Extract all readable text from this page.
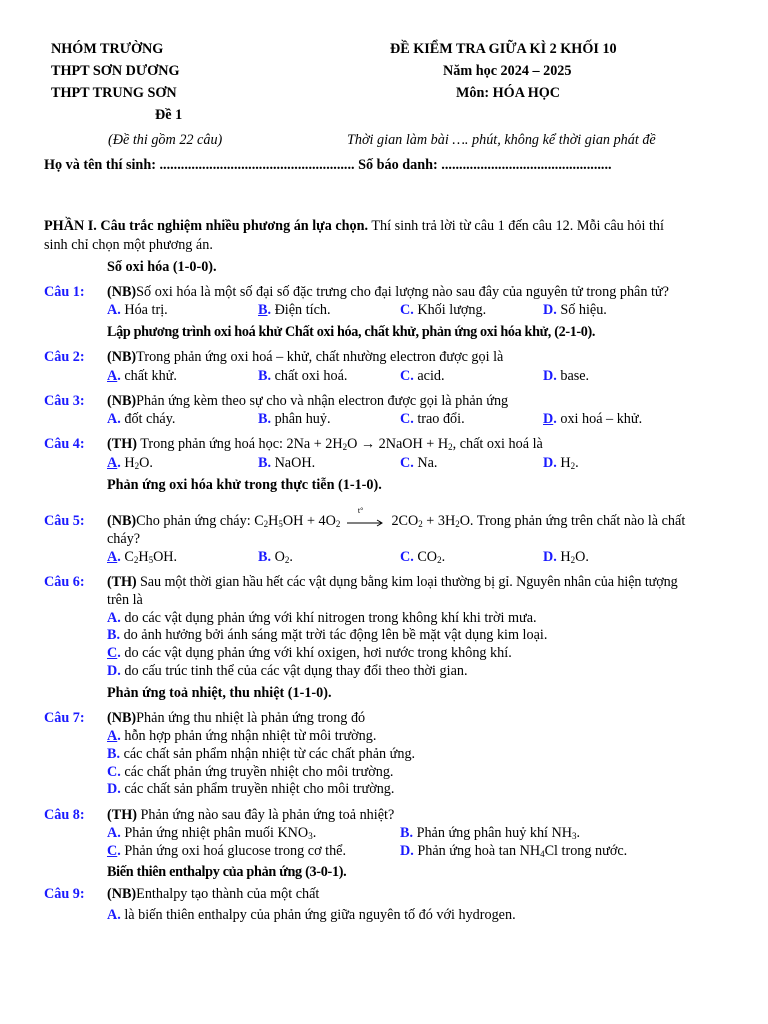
NHÓM TRƯỜNG
THPT SƠN DƯƠNG
THPT TRUNG SƠN
Đề 1
ĐỀ KIỂM TRA GIỮA KÌ 2 KHỐI 10
Năm học 2024 – 2025
Môn: HÓA HỌC
(Đề thi gồm 22 câu)	Thời gian làm bài …. phút, không kể thời gian phát đề
Họ và tên thí sinh: ....................................................... Số báo danh: ................................................
PHẦN I. Câu trắc nghiệm nhiều phương án lựa chọn. Thí sinh trả lời từ câu 1 đến câu 12. Mỗi câu hỏi thí
sinh chỉ chọn một phương án.
Số oxi hóa (1-0-0).
Câu 1: (NB)Số oxi hóa là một số đại số đặc trưng cho đại lượng nào sau đây của nguyên tử trong phân tử?
A. Hóa trị.	B. Điện tích.	C. Khối lượng.	D. Số hiệu.
Lập phương trình oxi hoá khử Chất oxi hóa, chất khử, phản ứng oxi hóa khử, (2-1-0).
Câu 2: (NB)Trong phản ứng oxi hoá – khử, chất nhường electron được gọi là
A. chất khử.	B. chất oxi hoá.	C. acid.	D. base.
Câu 3: (NB)Phản ứng kèm theo sự cho và nhận electron được gọi là phản ứng
A. đốt cháy.	B. phân huỷ.	C. trao đổi.	D. oxi hoá – khử.
Câu 4: (TH) Trong phản ứng hoá học: $2Na + 2H_2O$ → 2NaOH + $H_2$, chất oxi hoá là
A. $H_2O$.	B. NaOH.	C. Na.	D. $H_2$.
Phản ứng oxi hóa khử trong thực tiễn (1-1-0).
Câu 5: (NB)Cho phản ứng cháy: $C_2H_5OH + 4O_2$
t°
$2CO_2 + 3H_2O$. Trong phản ứng trên chất nào là chất
cháy?
A. $C_2H_5OH$.	B. $O_2$.	C. $CO_2$.	D. $H_2O$.
Câu 6: (TH) Sau một thời gian hầu hết các vật dụng bằng kim loại thường bị gỉ. Nguyên nhân của hiện tượng
trên là
A. do các vật dụng phản ứng với khí nitrogen trong không khí khi trời mưa.
B. do ảnh hưởng bởi ánh sáng mặt trời tác động lên bề mặt vật dụng kim loại.
C. do các vật dụng phản ứng với khí oxigen, hơi nước trong không khí.
D. do cấu trúc tinh thể của các vật dụng thay đổi theo thời gian.
Phản ứng toả nhiệt, thu nhiệt (1-1-0).
Câu 7: (NB)Phản ứng thu nhiệt là phản ứng trong đó
A. hỗn hợp phản ứng nhận nhiệt từ môi trường.
B. các chất sản phẩm nhận nhiệt từ các chất phản ứng.
C. các chất phản ứng truyền nhiệt cho môi trường.
D. các chất sản phẩm truyền nhiệt cho môi trường.
Câu 8: (TH) Phản ứng nào sau đây là phản ứng toả nhiệt?
A. Phản ứng nhiệt phân muối $KNO_3$.	B. Phản ứng phân huỷ khí $NH_3$.
C. Phản ứng oxi hoá glucose trong cơ thể.	D. Phản ứng hoà $\tan NH_4Cl$ trong nước.
Biến thiên enthalpy của phản ứng (3-0-1).
Câu 9: (NB)Enthalpy tạo thành của một chất
A. là biến thiên enthalpy của phản ứng giữa nguyên tố đó với hydrogen.
